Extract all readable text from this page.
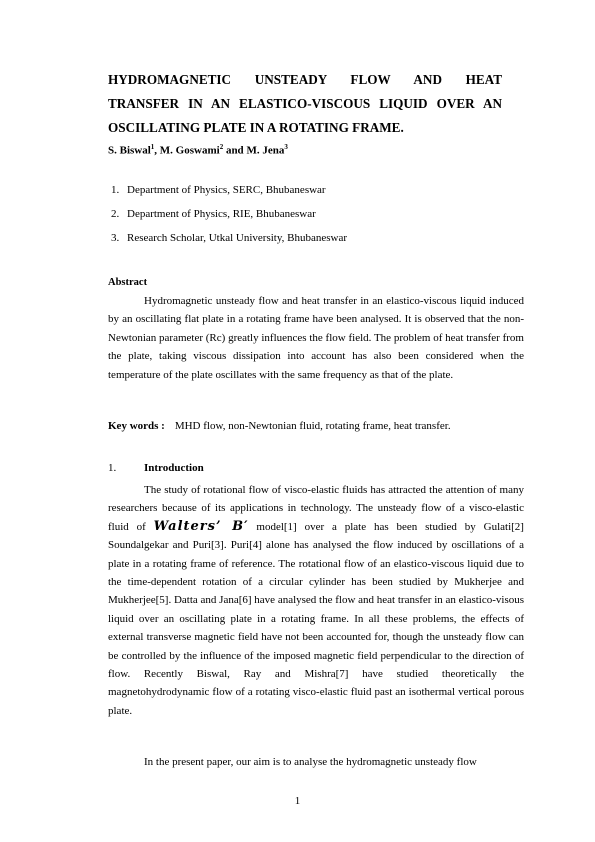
HYDROMAGNETIC UNSTEADY FLOW AND HEAT
TRANSFER IN AN ELASTICO-VISCOUS LIQUID OVER AN
OSCILLATING PLATE IN A ROTATING FRAME.
S. Biswal$^1$, M. Goswami$^2$ and M. Jena$^3$
1. Department of Physics, SERC, Bhubaneswar
2. Department of Physics, RIE, Bhubaneswar
3. Research Scholar, Utkal University, Bhubaneswar
Abstract

Hydromagnetic unsteady flow and heat transfer in an elastico-viscous liquid induced by an oscillating flat plate in a rotating frame have been analysed. It is observed that the non-Newtonian parameter (Rc) greatly influences the flow field. The problem of heat transfer from the plate, taking viscous dissipation into account has also been considered when the temperature of the plate oscillates with the same frequency as that of the plate.

Key words : MHD flow, non-Newtonian fluid, rotating frame, heat transfer.
1.	Introduction

The study of rotational flow of visco-elastic fluids has attracted the attention of many researchers because of its applications in technology. The unsteady flow of a visco-elastic fluid of Walters’ B′ model[1] over a plate has been studied by Gulati[2] Soundalgekar and Puri[3]. Puri[4] alone has analysed the flow induced by oscillations of a plate in a rotating frame of reference. The rotational flow of an elastico-viscous liquid due to the time-dependent rotation of a circular cylinder has been studied by Mukherjee and Mukherjee[5]. Datta and Jana[6] have analysed the flow and heat transfer in an elastico-visous liquid over an oscillating plate in a rotating frame. In all these problems, the effects of external transverse magnetic field have not been accounted for, though the unsteady flow can be controlled by the influence of the imposed magnetic field perpendicular to the direction of flow. Recently Biswal, Ray and Mishra[7] have studied theoretically the magnetohydrodynamic flow of a rotating visco-elastic fluid past an isothermal vertical porous plate.

In the present paper, our aim is to analyse the hydromagnetic unsteady flow

1
